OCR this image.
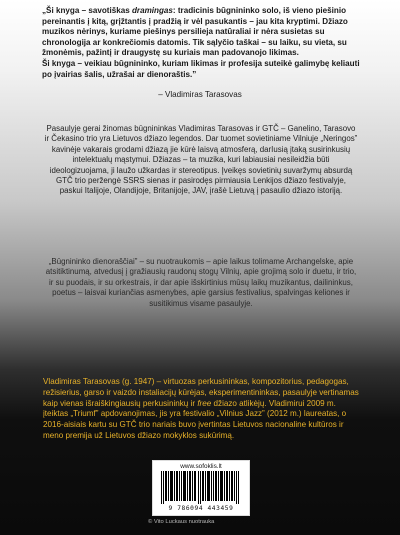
„Ši knyga – savotiškas dramingas: tradicinis būgnininko solo, iš vieno piešinio pereinantis į kitą, grįžtantis į pradžią ir vėl pasukantis – jau kita kryptimi. Džiazo muzikos nėrinys, kuriame piešinys persilieja natūraliai ir nėra susietas su chronologija ar konkrečiomis datomis. Tik sąlyčio taškai – su laiku, su vieta, su žmonėmis, pažintį ir draugystę su kuriais man padovanojo likimas.

Ši knyga – veikiau būgnininko, kuriam likimas ir profesija suteikė galimybę keliauti po įvairias šalis, užrašai ar dienoraštis.”

– Vladimiras Tarasovas

Pasaulyje gerai žinomas būgnininkas Vladimiras Tarasovas ir GTČ – Ganelino, Tarasovo ir Čekasino trio yra Lietuvos džiazo legendos. Dar tuomet sovietiniame Vilniuje „Neringos” kavinėje vakarais grodami džiazą jie kūrė laisvą atmosferą, darIusią įtaką susirinkusių intelektualų mąstymui. Džiazas – ta muzika, kuri labiausiai nesileidžia būti ideologizuojama, ji laužo užkardas ir stereotipus. Įveikęs sovietinių suvaržymų absurdą GTČ trio peržengė SSRS sienas ir pasirodęs pirmiausia Lenkijos džiazo festivalyje, paskui Italijoje, Olandijoje, Britanijoje, JAV, įrašė Lietuvą į pasaulio džiazo istoriją.

„Būgnininko dienoraščiai” – su nuotraukomis – apie laikus tolimame Archangelske, apie atsitiktinumą, atvedusį į gražiausių raudonų stogų Vilnių, apie grojimą solo ir duetu, ir trio, ir su puodais, ir su orkestrais, ir dar apie išskirtinius mūsų laikų muzikantus, dailininkus, poetus – laisvai kuriančias asmenybes, apie garsius festivalius, spalvingas keliones ir susitikimus visame pasaulyje.

Vladimiras Tarasovas (g. 1947) – virtuozas perkusininkas, kompozitorius, pedagogas, režisierius, garso ir vaizdo instaliacijų kūrėjas, eksperimentininkas, pasaulyje vertinamas kaip vienas išraiškingiausių perkusininkų ir free džiazo atlikėjų. Vladimirui 2009 m. įteiktas „Triumf” apdovanojimas, jis yra festivalio „Vilnius Jazz” (2012 m.) laureatas, o 2016-aisiais kartu su GTČ trio nariais buvo įvertintas Lietuvos nacionaline kultūros ir meno premija už Lietuvos džiazo mokyklos sukūrimą.

www.sofoklis.lt
9 786094 443459
© Vito Luckaus nuotrauka
